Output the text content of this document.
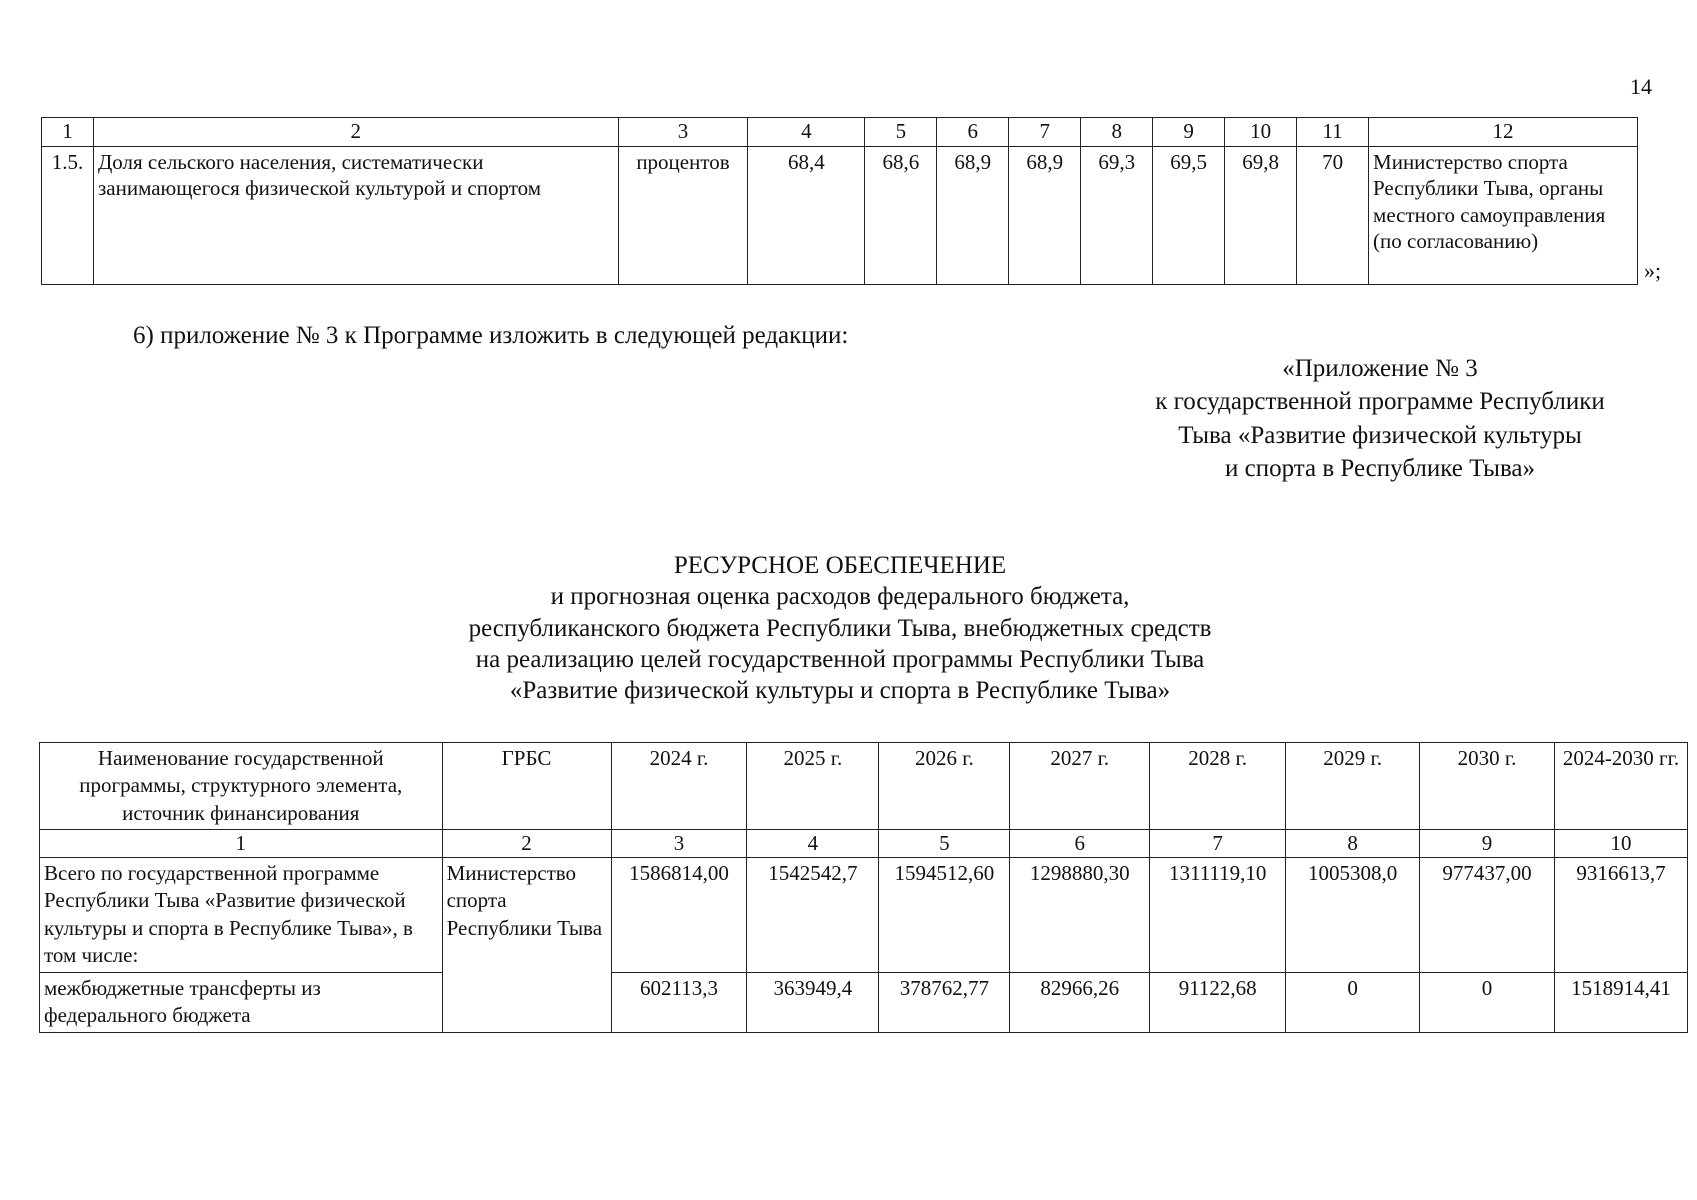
14
1	2	3	4	5	6	7	8	9	10	11	12
1.5.	Доля сельского населения, систематически занимающегося физической культурой и спортом	процентов	68,4	68,6	68,9	68,9	69,3	69,5	69,8	70	Министерство спорта Республики Тыва, органы местного самоуправления (по согласованию)
»;
6) приложение № 3 к Программе изложить в следующей редакции:
«Приложение № 3
к государственной программе Республики
Тыва «Развитие физической культуры
и спорта в Республике Тыва»
РЕСУРСНОЕ ОБЕСПЕЧЕНИЕ
и прогнозная оценка расходов федерального бюджета,
республиканского бюджета Республики Тыва, внебюджетных средств
на реализацию целей государственной программы Республики Тыва
«Развитие физической культуры и спорта в Республике Тыва»
Наименование государственной программы, структурного элемента, источник финансирования	ГРБС	2024 г.	2025 г.	2026 г.	2027 г.	2028 г.	2029 г.	2030 г.	2024-2030 гг.
1	2	3	4	5	6	7	8	9	10
Всего по государственной программе Республики Тыва «Развитие физической культуры и спорта в Республике Тыва», в том числе:	Министерство спорта Республики Тыва	1586814,00	1542542,7	1594512,60	1298880,30	1311119,10	1005308,0	977437,00	9316613,7
межбюджетные трансферты из федерального бюджета		602113,3	363949,4	378762,77	82966,26	91122,68	0	0	1518914,41
